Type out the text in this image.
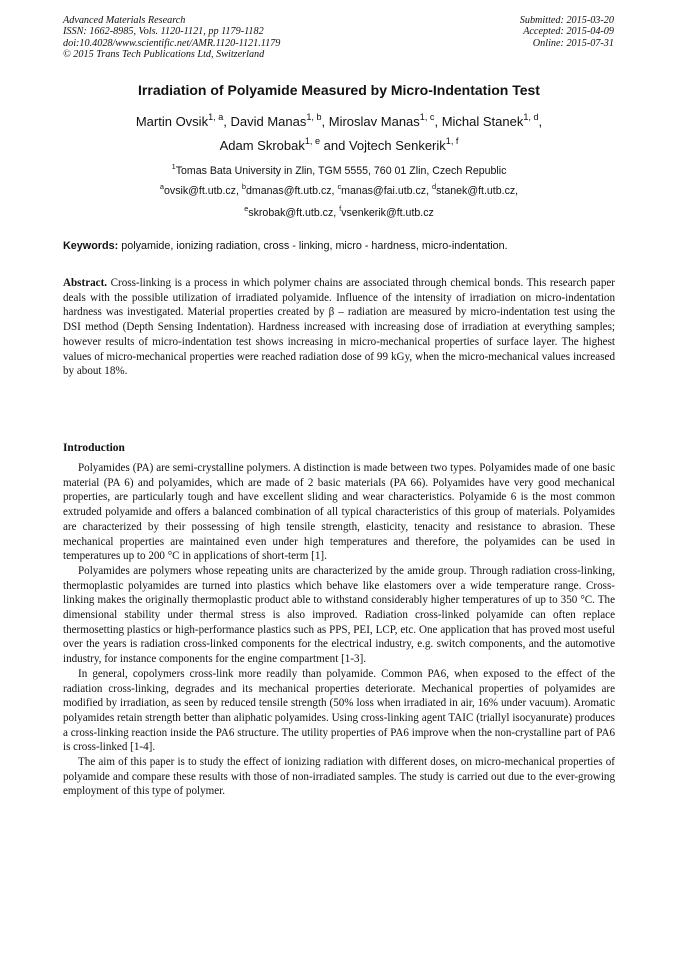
Advanced Materials Research
ISSN: 1662-8985, Vols. 1120-1121, pp 1179-1182
doi:10.4028/www.scientific.net/AMR.1120-1121.1179
© 2015 Trans Tech Publications Ltd, Switzerland
Submitted: 2015-03-20
Accepted: 2015-04-09
Online: 2015-07-31
Irradiation of Polyamide Measured by Micro-Indentation Test
Martin Ovsik$^{1, a}$, David Manas$^{1, b}$, Miroslav Manas$^{1, c}$, Michal Stanek$^{1, d}$,
Adam Skrobak$^{1, e}$ and Vojtech Senkerik$^{1, f}$
$^1$Tomas Bata University in Zlin, TGM 5555, 760 01 Zlin, Czech Republic
$^a$ovsik@ft.utb.cz, $^b$dmanas@ft.utb.cz, $^c$manas@fai.utb.cz, $^d$stanek@ft.utb.cz,
$^e$skrobak@ft.utb.cz, $^f$vsenkerik@ft.utb.cz
Keywords: polyamide, ionizing radiation, cross - linking, micro - hardness, micro-indentation.

Abstract. Cross-linking is a process in which polymer chains are associated through chemical bonds. This research paper deals with the possible utilization of irradiated polyamide. Influence of the intensity of irradiation on micro-indentation hardness was investigated. Material properties created by β – radiation are measured by micro-indentation test using the DSI method (Depth Sensing Indentation). Hardness increased with increasing dose of irradiation at everything samples; however results of micro-indentation test shows increasing in micro-mechanical properties of surface layer. The highest values of micro-mechanical properties were reached radiation dose of 99 kGy, when the micro-mechanical values increased by about 18%.

Introduction

Polyamides (PA) are semi-crystalline polymers. A distinction is made between two types. Polyamides made of one basic material (PA 6) and polyamides, which are made of 2 basic materials (PA 66). Polyamides have very good mechanical properties, are particularly tough and have excellent sliding and wear characteristics. Polyamide 6 is the most common extruded polyamide and offers a balanced combination of all typical characteristics of this group of materials. Polyamides are characterized by their possessing of high tensile strength, elasticity, tenacity and resistance to abrasion. These mechanical properties are maintained even under high temperatures and therefore, the polyamides can be used in temperatures up to 200 °C in applications of short-term [1].

Polyamides are polymers whose repeating units are characterized by the amide group. Through radiation cross-linking, thermoplastic polyamides are turned into plastics which behave like elastomers over a wide temperature range. Cross-linking makes the originally thermoplastic product able to withstand considerably higher temperatures of up to 350 °C. The dimensional stability under thermal stress is also improved. Radiation cross-linked polyamide can often replace thermosetting plastics or high-performance plastics such as PPS, PEI, LCP, etc. One application that has proved most useful over the years is radiation cross-linked components for the electrical industry, e.g. switch components, and the automotive industry, for instance components for the engine compartment [1-3].

In general, copolymers cross-link more readily than polyamide. Common PA6, when exposed to the effect of the radiation cross-linking, degrades and its mechanical properties deteriorate. Mechanical properties of polyamides are modified by irradiation, as seen by reduced tensile strength (50% loss when irradiated in air, 16% under vacuum). Aromatic polyamides retain strength better than aliphatic polyamides. Using cross-linking agent TAIC (triallyl isocyanurate) produces a cross-linking reaction inside the PA6 structure. The utility properties of PA6 improve when the non-crystalline part of PA6 is cross-linked [1-4].

The aim of this paper is to study the effect of ionizing radiation with different doses, on micro-mechanical properties of polyamide and compare these results with those of non-irradiated samples. The study is carried out due to the ever-growing employment of this type of polymer.
